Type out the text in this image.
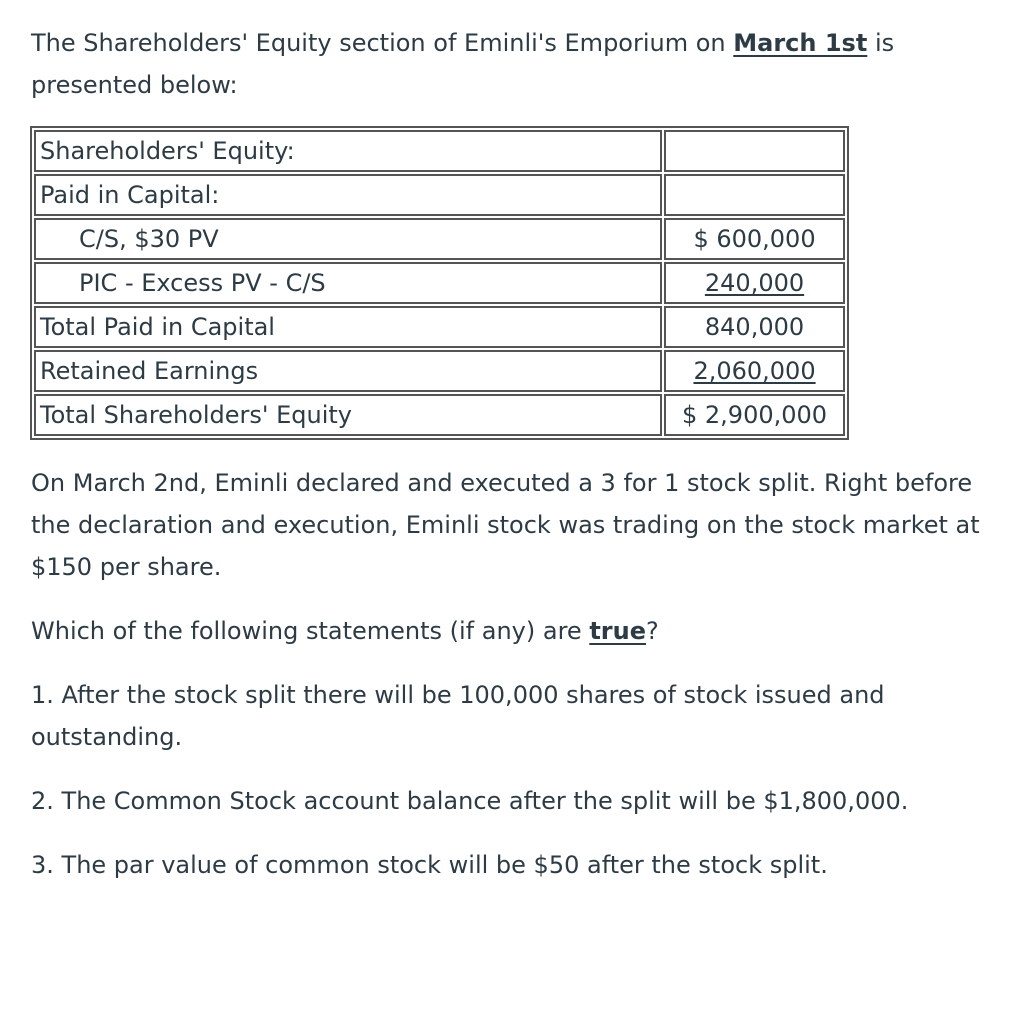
The Shareholders' Equity section of Eminli's Emporium on March 1st is presented below:

Shareholders' Equity:	
Paid in Capital:	
C/S, $30 PV	$ 600,000
PIC - Excess PV - C/S	240,000
Total Paid in Capital	840,000
Retained Earnings	2,060,000
Total Shareholders' Equity	$ 2,900,000

On March 2nd, Eminli declared and executed a 3 for 1 stock split. Right before the declaration and execution, Eminli stock was trading on the stock market at $150 per share.

Which of the following statements (if any) are true?

1. After the stock split there will be 100,000 shares of stock issued and outstanding.

2. The Common Stock account balance after the split will be $1,800,000.

3. The par value of common stock will be $50 after the stock split.
